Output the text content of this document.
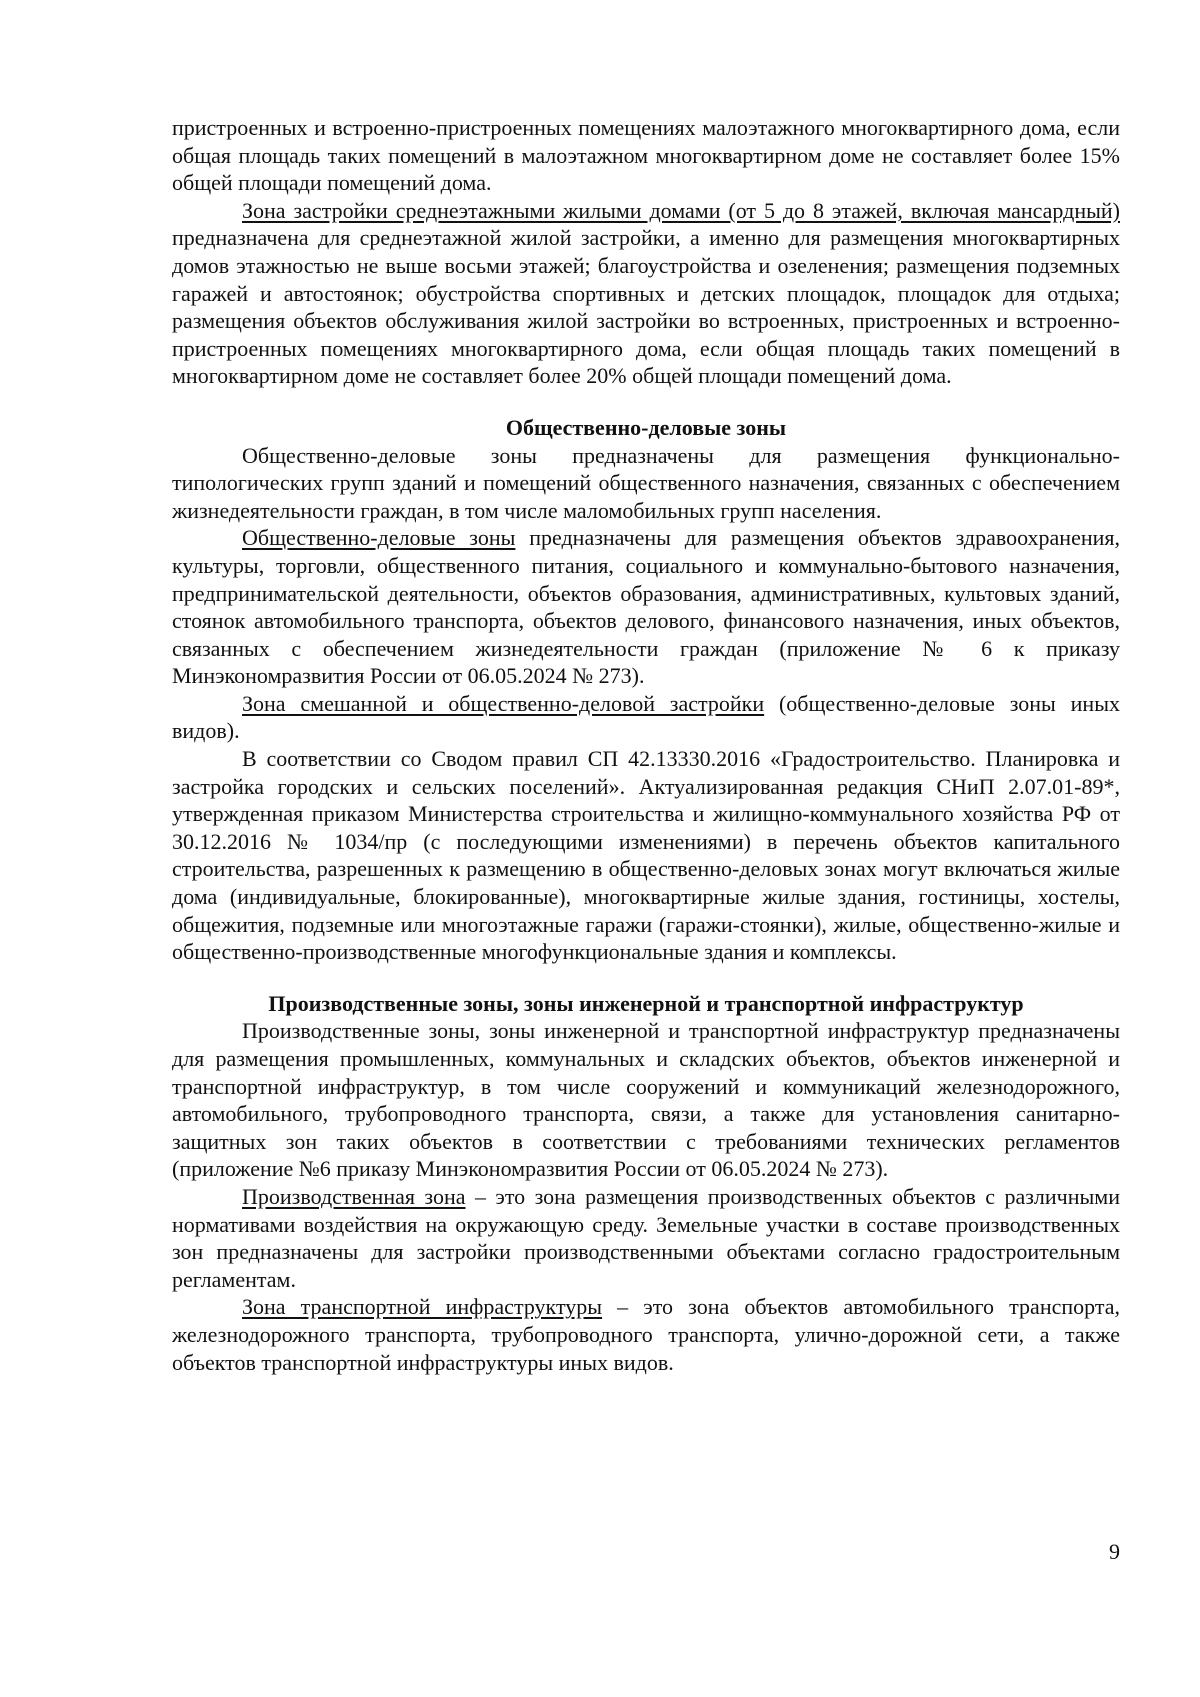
пристроенных и встроенно-пристроенных помещениях малоэтажного многоквартирного дома, если общая площадь таких помещений в малоэтажном многоквартирном доме не составляет более 15% общей площади помещений дома.

Зона застройки среднеэтажными жилыми домами (от 5 до 8 этажей, включая мансардный) предназначена для среднеэтажной жилой застройки, а именно для размещения многоквартирных домов этажностью не выше восьми этажей; благоустройства и озеленения; размещения подземных гаражей и автостоянок; обустройства спортивных и детских площадок, площадок для отдыха; размещения объектов обслуживания жилой застройки во встроенных, пристроенных и встроенно-пристроенных помещениях многоквартирного дома, если общая площадь таких помещений в многоквартирном доме не составляет более 20% общей площади помещений дома.

Общественно-деловые зоны

Общественно-деловые зоны предназначены для размещения функционально-типологических групп зданий и помещений общественного назначения, связанных с обеспечением жизнедеятельности граждан, в том числе маломобильных групп населения.

Общественно-деловые зоны предназначены для размещения объектов здравоохранения, культуры, торговли, общественного питания, социального и коммунально-бытового назначения, предпринимательской деятельности, объектов образования, административных, культовых зданий, стоянок автомобильного транспорта, объектов делового, финансового назначения, иных объектов, связанных с обеспечением жизнедеятельности граждан (приложение № 6 к приказу Минэкономразвития России от 06.05.2024 № 273).

Зона смешанной и общественно-деловой застройки (общественно-деловые зоны иных видов).

В соответствии со Сводом правил СП 42.13330.2016 «Градостроительство. Планировка и застройка городских и сельских поселений». Актуализированная редакция СНиП 2.07.01-89*, утвержденная приказом Министерства строительства и жилищно-коммунального хозяйства РФ от 30.12.2016 № 1034/пр (с последующими изменениями) в перечень объектов капитального строительства, разрешенных к размещению в общественно-деловых зонах могут включаться жилые дома (индивидуальные, блокированные), многоквартирные жилые здания, гостиницы, хостелы, общежития, подземные или многоэтажные гаражи (гаражи-стоянки), жилые, общественно-жилые и общественно-производственные многофункциональные здания и комплексы.

Производственные зоны, зоны инженерной и транспортной инфраструктур

Производственные зоны, зоны инженерной и транспортной инфраструктур предназначены для размещения промышленных, коммунальных и складских объектов, объектов инженерной и транспортной инфраструктур, в том числе сооружений и коммуникаций железнодорожного, автомобильного, трубопроводного транспорта, связи, а также для установления санитарно-защитных зон таких объектов в соответствии с требованиями технических регламентов (приложение №6 приказу Минэкономразвития России от 06.05.2024 № 273).

Производственная зона – это зона размещения производственных объектов с различными нормативами воздействия на окружающую среду. Земельные участки в составе производственных зон предназначены для застройки производственными объектами согласно градостроительным регламентам.

Зона транспортной инфраструктуры – это зона объектов автомобильного транспорта, железнодорожного транспорта, трубопроводного транспорта, улично-дорожной сети, а также объектов транспортной инфраструктуры иных видов.

9
